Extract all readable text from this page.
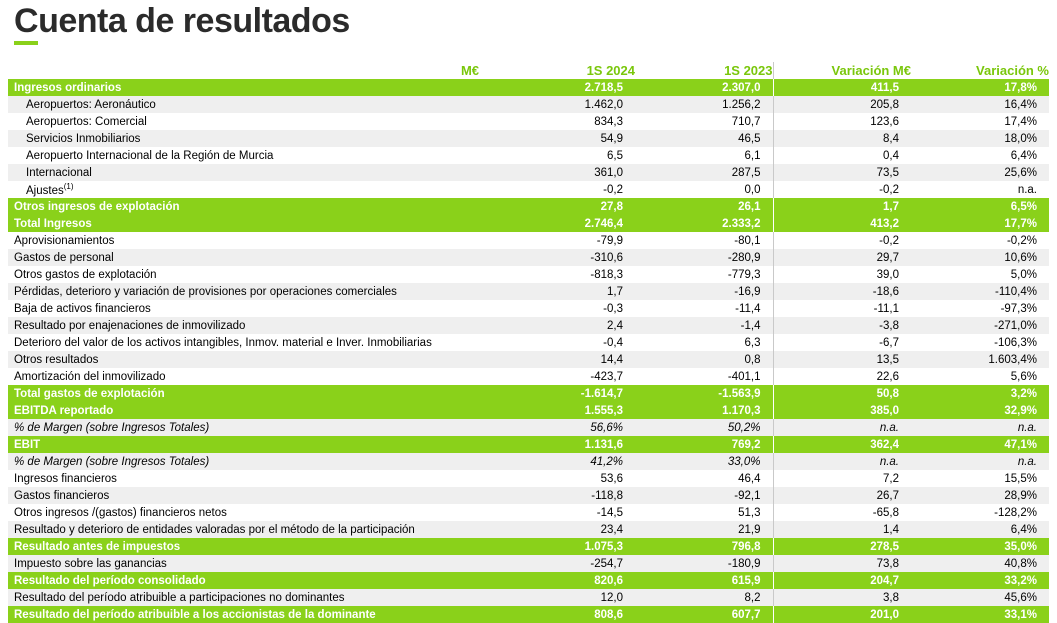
Cuenta de resultados
M€	1S 2024	1S 2023	Variación M€	Variación %
Ingresos ordinarios	2.718,5	2.307,0	411,5	17,8%
Aeropuertos: Aeronáutico	1.462,0	1.256,2	205,8	16,4%
Aeropuertos: Comercial	834,3	710,7	123,6	17,4%
Servicios Inmobiliarios	54,9	46,5	8,4	18,0%
Aeropuerto Internacional de la Región de Murcia	6,5	6,1	0,4	6,4%
Internacional	361,0	287,5	73,5	25,6%
Ajustes$^{(1)}$	-0,2	0,0	-0,2	n.a.
Otros ingresos de explotación	27,8	26,1	1,7	6,5%
Total Ingresos	2.746,4	2.333,2	413,2	17,7%
Aprovisionamientos	-79,9	-80,1	-0,2	-0,2%
Gastos de personal	-310,6	-280,9	29,7	10,6%
Otros gastos de explotación	-818,3	-779,3	39,0	5,0%
Pérdidas, deterioro y variación de provisiones por operaciones comerciales	1,7	-16,9	-18,6	-110,4%
Baja de activos financieros	-0,3	-11,4	-11,1	-97,3%
Resultado por enajenaciones de inmovilizado	2,4	-1,4	-3,8	-271,0%
Deterioro del valor de los activos intangibles, Inmov. material e Inver. Inmobiliarias	-0,4	6,3	-6,7	-106,3%
Otros resultados	14,4	0,8	13,5	1.603,4%
Amortización del inmovilizado	-423,7	-401,1	22,6	5,6%
Total gastos de explotación	-1.614,7	-1.563,9	50,8	3,2%
EBITDA reportado	1.555,3	1.170,3	385,0	32,9%
% de Margen (sobre Ingresos Totales)	56,6%	50,2%	n.a.	n.a.
EBIT	1.131,6	769,2	362,4	47,1%
% de Margen (sobre Ingresos Totales)	41,2%	33,0%	n.a.	n.a.
Ingresos financieros	53,6	46,4	7,2	15,5%
Gastos financieros	-118,8	-92,1	26,7	28,9%
Otros ingresos /(gastos) financieros netos	-14,5	51,3	-65,8	-128,2%
Resultado y deterioro de entidades valoradas por el método de la participación	23,4	21,9	1,4	6,4%
Resultado antes de impuestos	1.075,3	796,8	278,5	35,0%
Impuesto sobre las ganancias	-254,7	-180,9	73,8	40,8%
Resultado del período consolidado	820,6	615,9	204,7	33,2%
Resultado del período atribuible a participaciones no dominantes	12,0	8,2	3,8	45,6%
Resultado del período atribuible a los accionistas de la dominante	808,6	607,7	201,0	33,1%
